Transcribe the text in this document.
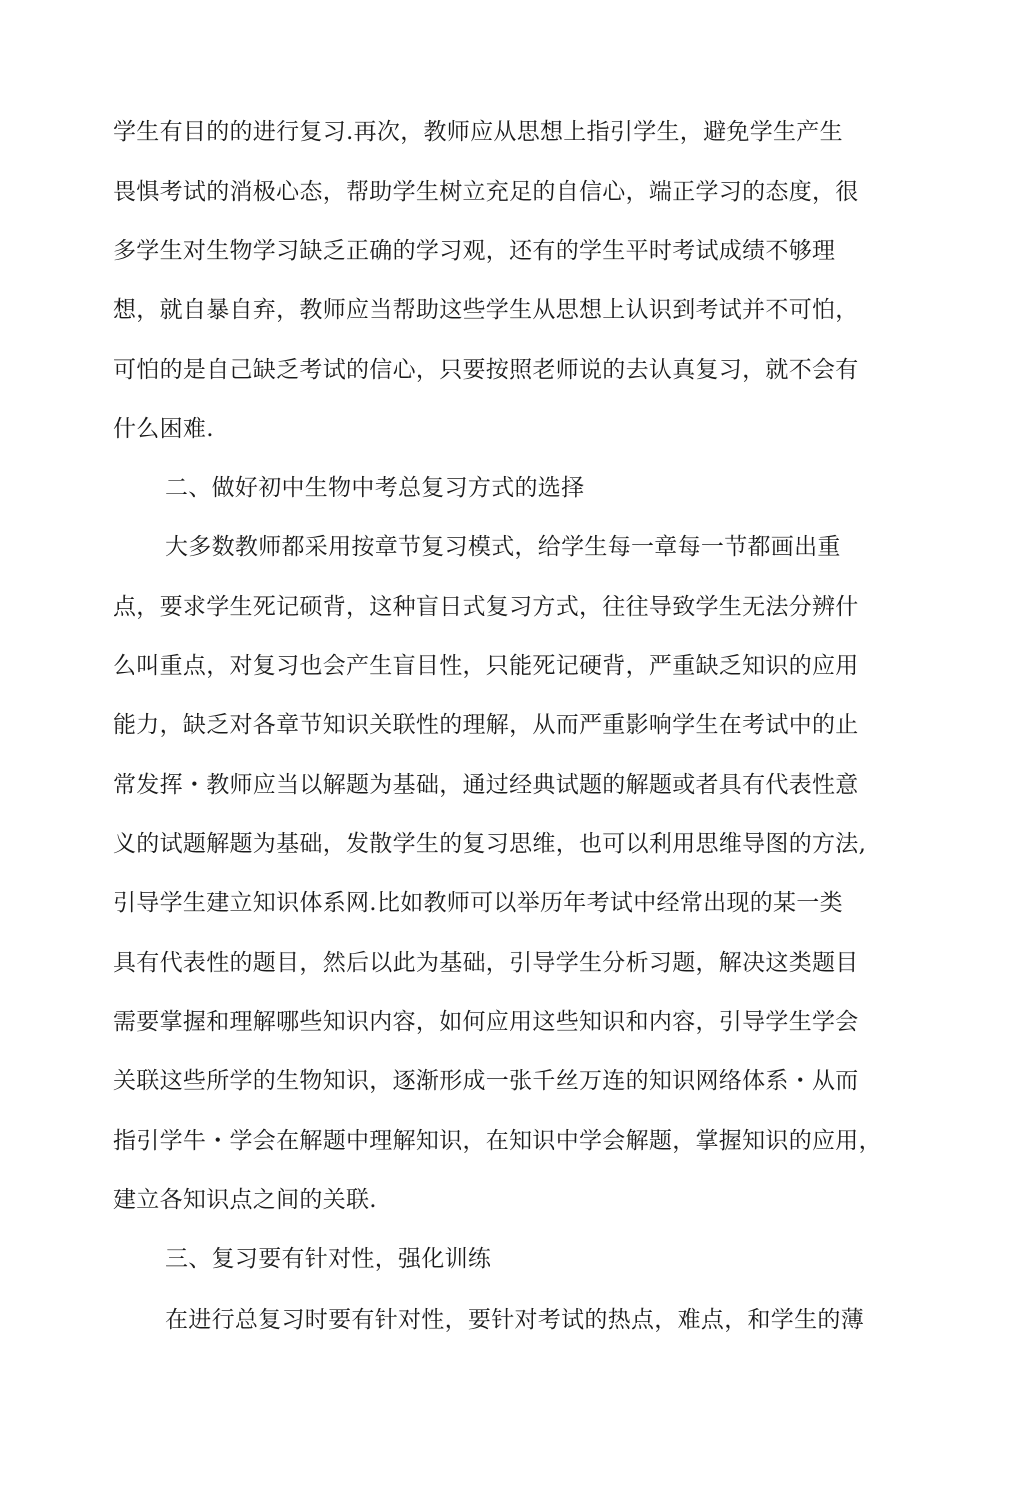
学生有目的的进行复习.再次，教师应从思想上指引学生，避免学生产生
畏惧考试的消极心态，帮助学生树立充足的自信心，端正学习的态度，很
多学生对生物学习缺乏正确的学习观，还有的学生平时考试成绩不够理
想，就自暴自弃，教师应当帮助这些学生从思想上认识到考试并不可怕，
可怕的是自己缺乏考试的信心，只要按照老师说的去认真复习，就不会有
什么困难.
二、做好初中生物中考总复习方式的选择
大多数教师都采用按章节复习模式，给学生每一章每一节都画出重
点，要求学生死记硕背，这种盲日式复习方式，往往导致学生无法分辨什
么叫重点，对复习也会产生盲目性，只能死记硬背，严重缺乏知识的应用
能力，缺乏对各章节知识关联性的理解，从而严重影响学生在考试中的止
常发挥・教师应当以解题为基础，通过经典试题的解题或者具有代表性意
义的试题解题为基础，发散学生的复习思维，也可以利用思维导图的方法,
引导学生建立知识体系网.比如教师可以举历年考试中经常出现的某一类
具有代表性的题目，然后以此为基础，引导学生分析习题，解决这类题目
需要掌握和理解哪些知识内容，如何应用这些知识和内容，引导学生学会
关联这些所学的生物知识，逐渐形成一张千丝万连的知识网络体系・从而
指引学牛・学会在解题中理解知识，在知识中学会解题，掌握知识的应用，
建立各知识点之间的关联.
三、复习要有针对性，强化训练
在进行总复习时要有针对性，要针对考试的热点，难点，和学生的薄
